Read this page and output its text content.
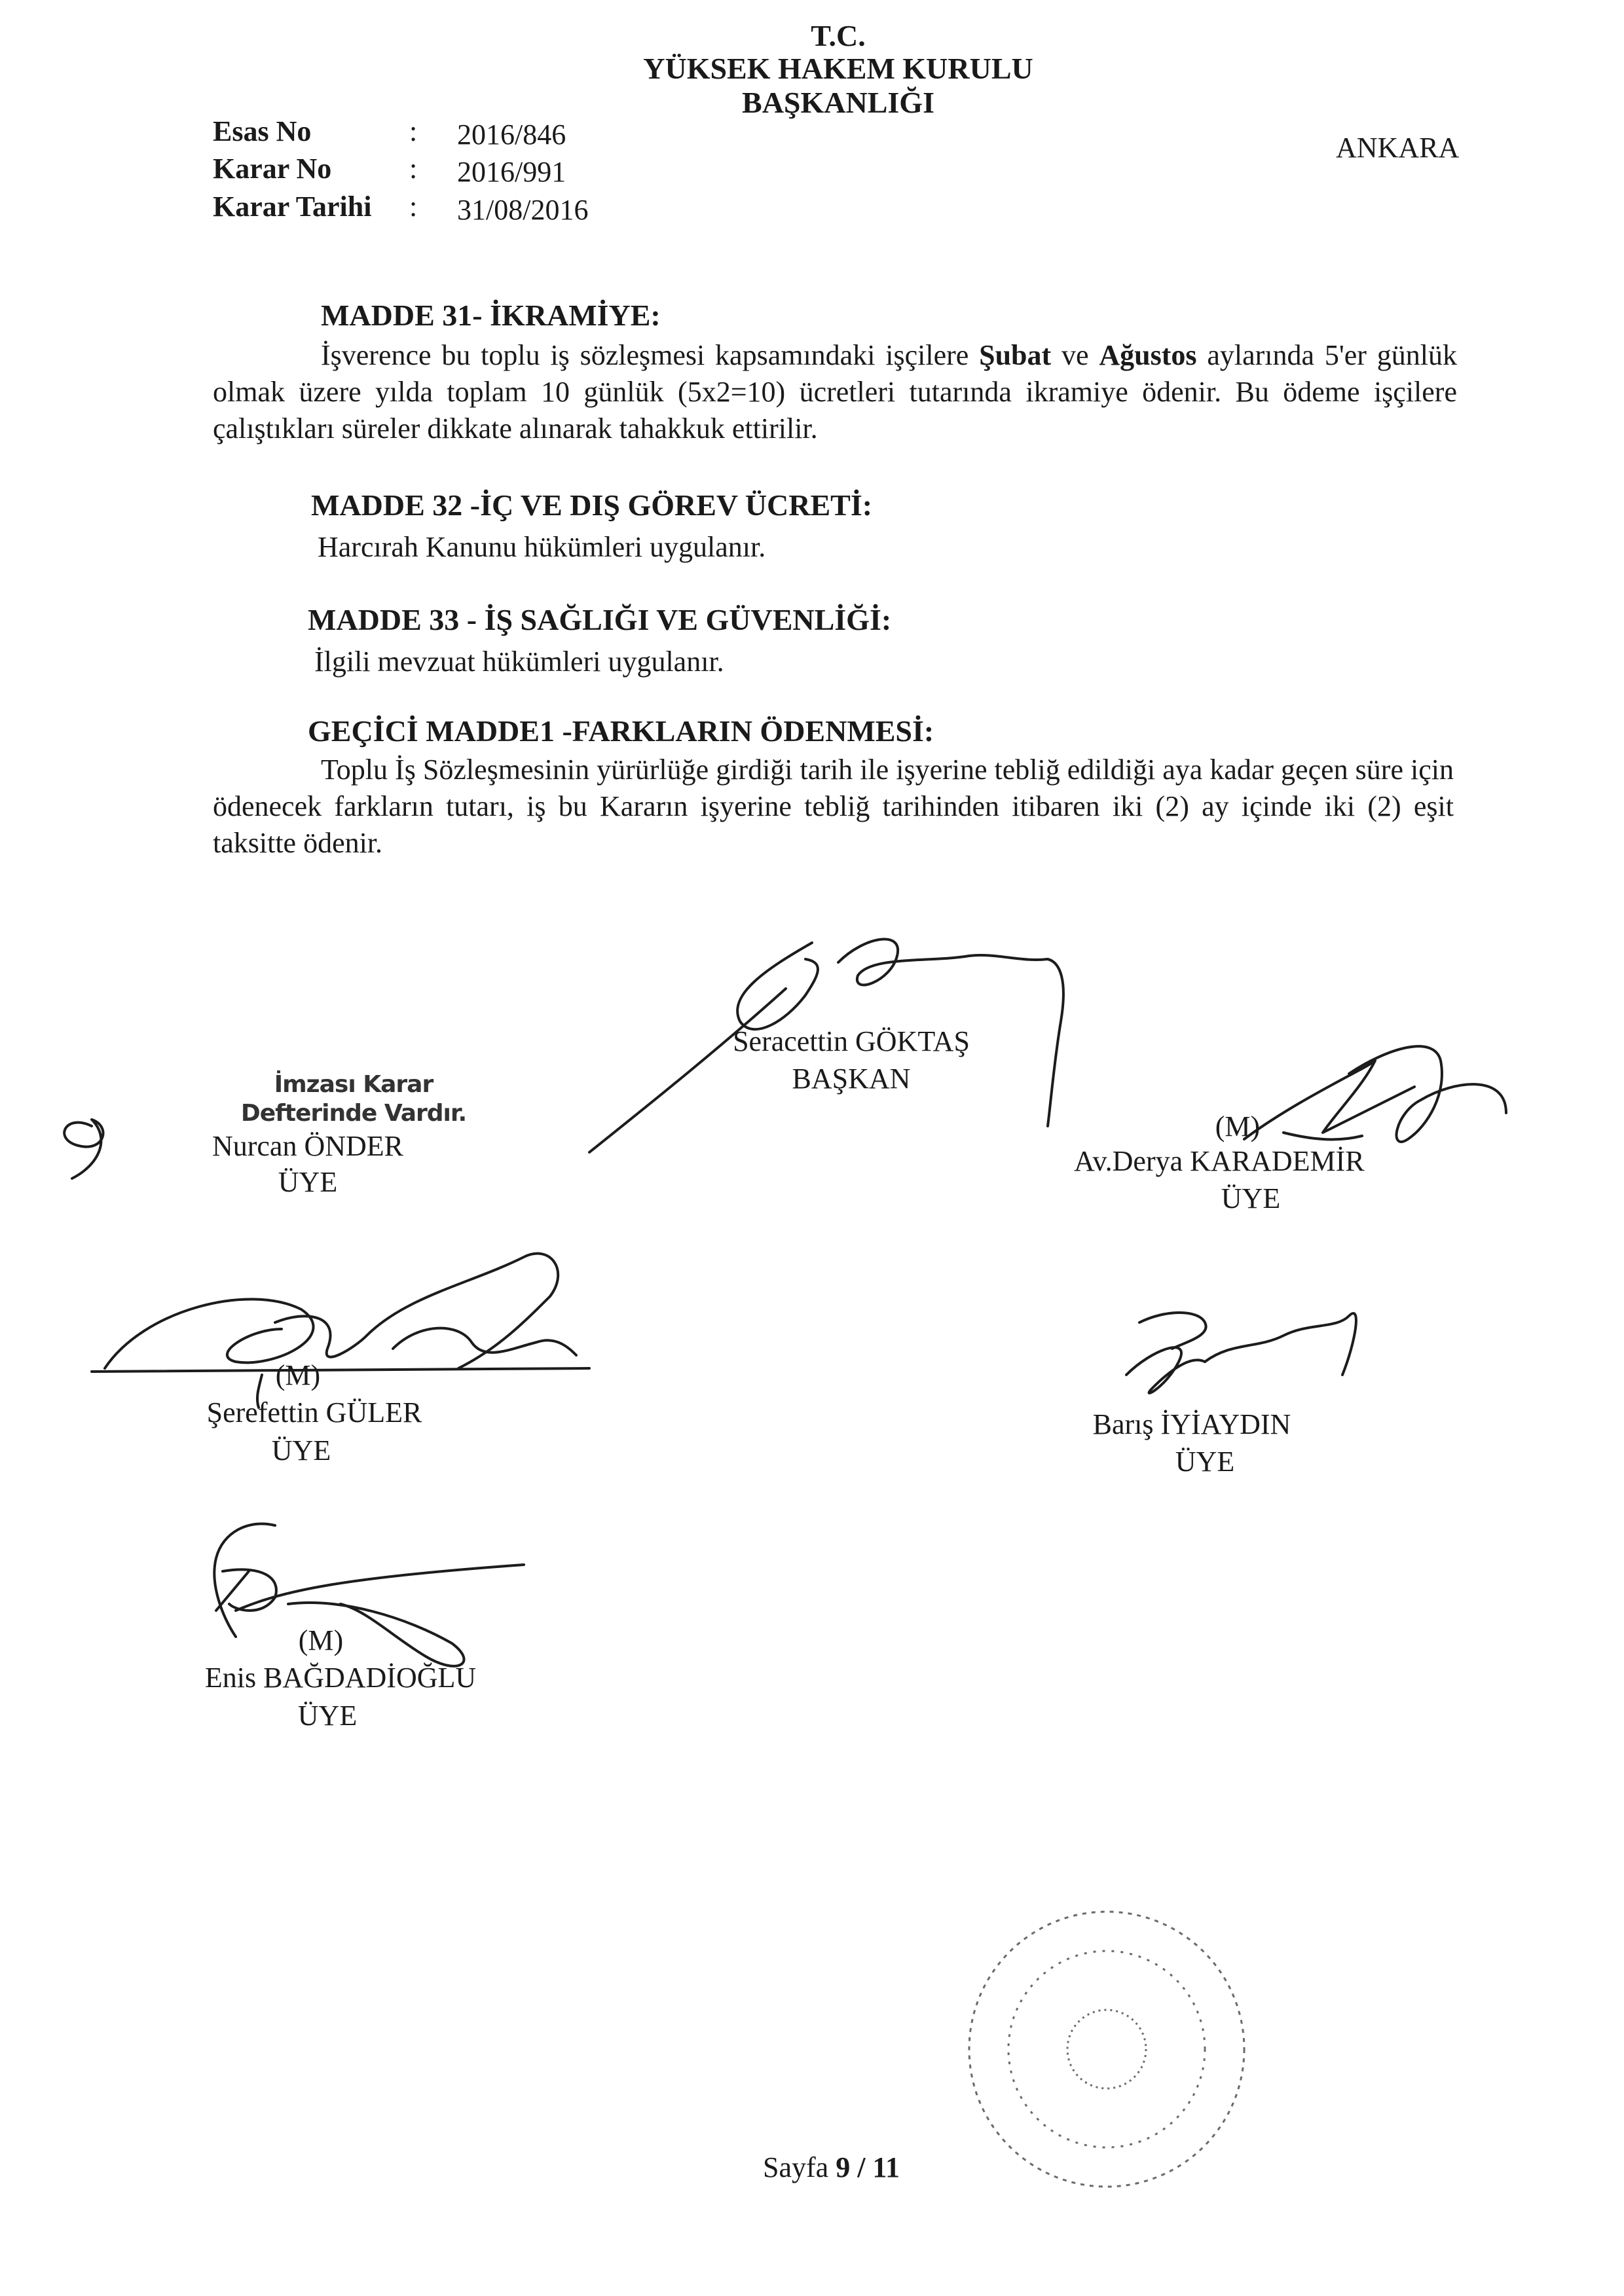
T.C.
YÜKSEK HAKEM KURULU
BAŞKANLIĞI
ANKARA
Esas No	: 2016/846
Karar No	: 2016/991
Karar Tarihi : 31/08/2016
MADDE 31- İKRAMİYE:
İşverence bu toplu iş sözleşmesi kapsamındaki işçilere Şubat ve Ağustos aylarında 5'er günlük olmak üzere yılda toplam 10 günlük (5x2=10) ücretleri tutarında ikramiye ödenir. Bu ödeme işçilere çalıştıkları süreler dikkate alınarak tahakkuk ettirilir.
MADDE 32 -İÇ VE DIŞ GÖREV ÜCRETİ:
Harcırah Kanunu hükümleri uygulanır.
MADDE 33 - İŞ SAĞLIĞI VE GÜVENLİĞİ:
İlgili mevzuat hükümleri uygulanır.
GEÇİCİ MADDE1 -FARKLARIN ÖDENMESİ:
Toplu İş Sözleşmesinin yürürlüğe girdiği tarih ile işyerine tebliğ edildiği aya kadar geçen süre için ödenecek farkların tutarı, iş bu Kararın işyerine tebliğ tarihinden itibaren iki (2) ay içinde iki (2) eşit taksitte ödenir.
Seracettin GÖKTAŞ
BAŞKAN
İmzası Karar Defterinde Vardır.
Nurcan ÖNDER
ÜYE
(M)
Av.Derya KARADEMİR
ÜYE
(M)
Şerefettin GÜLER
ÜYE
Barış İYİAYDIN
ÜYE
(M)
Enis BAĞDADİOĞLU
ÜYE
Sayfa 9 / 11
